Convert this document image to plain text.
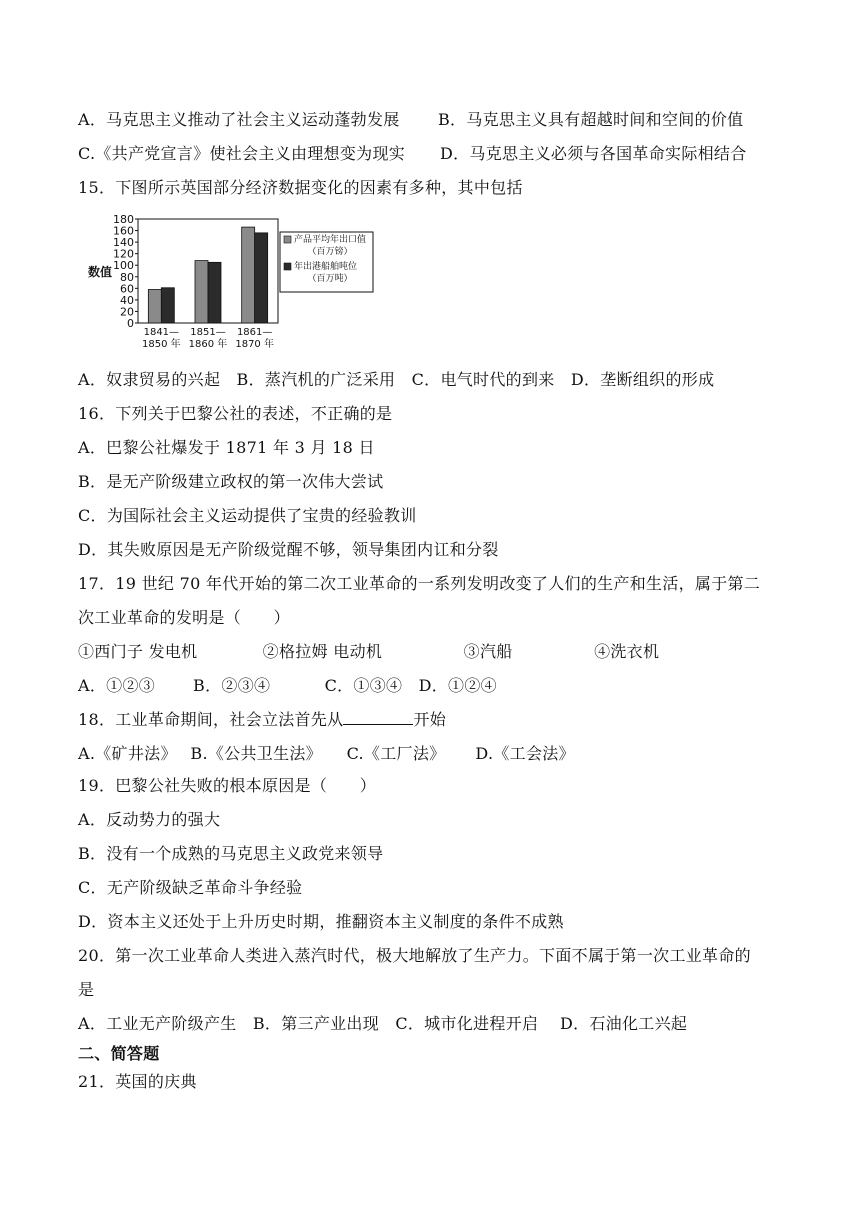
A．马克思主义推动了社会主义运动蓬勃发展 B．马克思主义具有超越时间和空间的价值
C.《共产党宣言》使社会主义由理想变为现实 D．马克思主义必须与各国革命实际相结合
15．下图所示英国部分经济数据变化的因素有多种，其中包括
0
20
40
60
80
100
120
140
160
180
数值
1841—
1850 年
1851—
1860 年
1861—
1870 年
产品平均年出口值
（百万镑）
年出港船舶吨位
（百万吨）
A．奴隶贸易的兴起　B．蒸汽机的广泛采用　C．电气时代的到来　D．垄断组织的形成
16．下列关于巴黎公社的表述，不正确的是
A．巴黎公社爆发于 1871 年 3 月 18 日
B．是无产阶级建立政权的第一次伟大尝试
C．为国际社会主义运动提供了宝贵的经验教训
D．其失败原因是无产阶级觉醒不够，领导集团内讧和分裂
17．19 世纪 70 年代开始的第二次工业革命的一系列发明改变了人们的生产和生活，属于第二
次工业革命的发明是（　　）
①西门子 发电机　　　　②格拉姆 电动机　　　　　③汽船　　　　　④洗衣机
A．①②③　　 B．②③④　　　 C．①③④　D．①②④
18．工业革命期间，社会立法首先从	开始
A.《矿井法》　 B.《公共卫生法》　　C.《工厂法》　　 D.《工会法》
19．巴黎公社失败的根本原因是（　　）
A．反动势力的强大
B．没有一个成熟的马克思主义政党来领导
C．无产阶级缺乏革命斗争经验
D．资本主义还处于上升历史时期，推翻资本主义制度的条件不成熟
20．第一次工业革命人类进入蒸汽时代，极大地解放了生产力。下面不属于第一次工业革命的
是
A．工业无产阶级产生　B．第三产业出现　C．城市化进程开启　 D．石油化工兴起
二、简答题
21．英国的庆典
